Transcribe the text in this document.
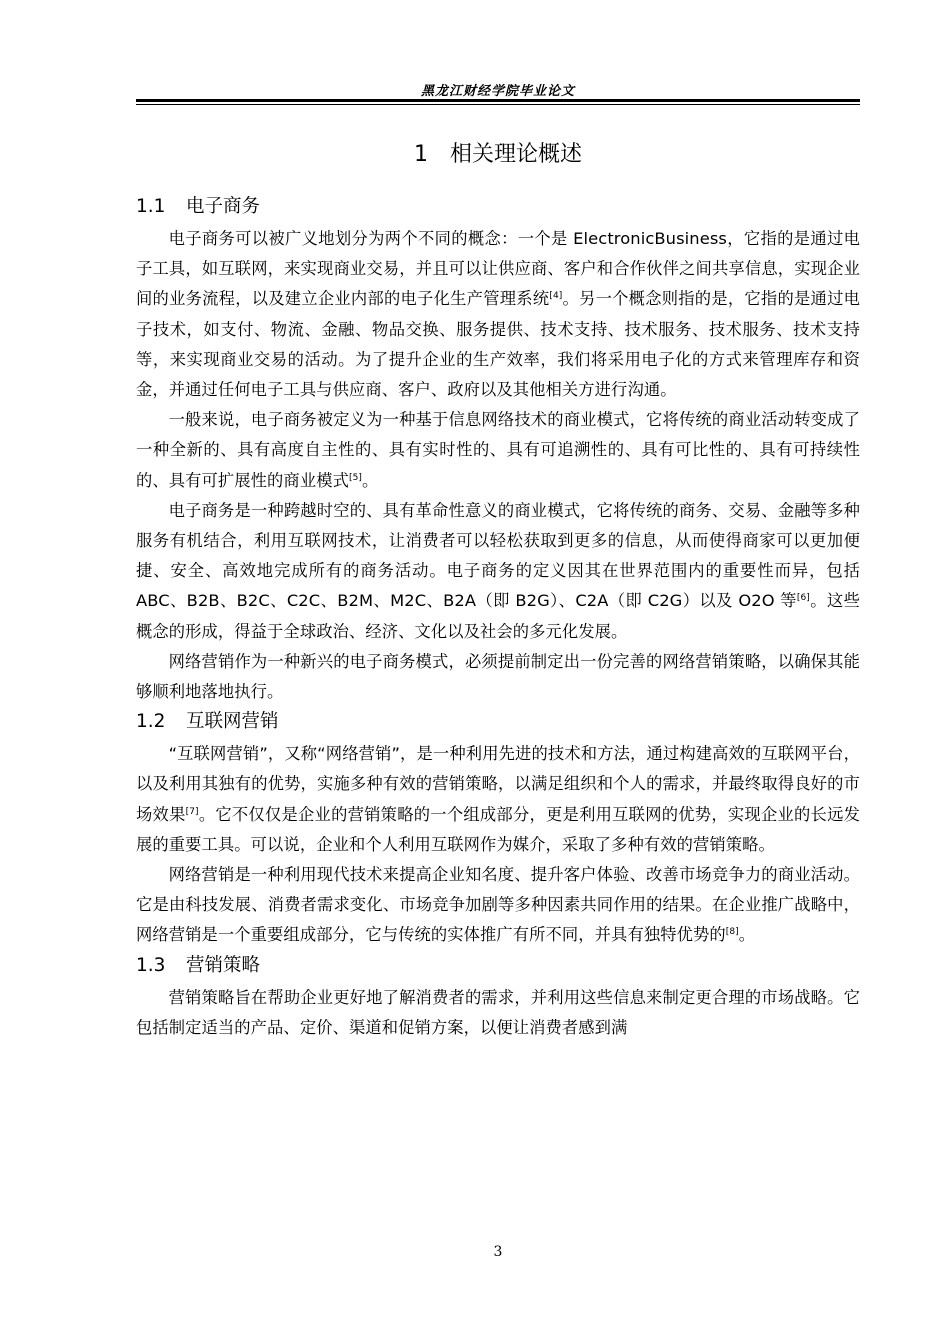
黑龙江财经学院毕业论文
1 相关理论概述
1.1 电子商务

电子商务可以被广义地划分为两个不同的概念：一个是 ElectronicBusiness，它指的是通过电子工具，如互联网，来实现商业交易，并且可以让供应商、客户和合作伙伴之间共享信息，实现企业间的业务流程，以及建立企业内部的电子化生产管理系统[4]。另一个概念则指的是，它指的是通过电子技术，如支付、物流、金融、物品交换、服务提供、技术支持、技术服务、技术服务、技术支持等，来实现商业交易的活动。为了提升企业的生产效率，我们将采用电子化的方式来管理库存和资金，并通过任何电子工具与供应商、客户、政府以及其他相关方进行沟通。

一般来说，电子商务被定义为一种基于信息网络技术的商业模式，它将传统的商业活动转变成了一种全新的、具有高度自主性的、具有实时性的、具有可追溯性的、具有可比性的、具有可持续性的、具有可扩展性的商业模式[5]。

电子商务是一种跨越时空的、具有革命性意义的商业模式，它将传统的商务、交易、金融等多种服务有机结合，利用互联网技术，让消费者可以轻松获取到更多的信息，从而使得商家可以更加便捷、安全、高效地完成所有的商务活动。电子商务的定义因其在世界范围内的重要性而异，包括 ABC、B2B、B2C、C2C、B2M、M2C、B2A（即 B2G）、C2A（即 C2G）以及 O2O 等[6]。这些概念的形成，得益于全球政治、经济、文化以及社会的多元化发展。

网络营销作为一种新兴的电子商务模式，必须提前制定出一份完善的网络营销策略，以确保其能够顺利地落地执行。

1.2 互联网营销

“互联网营销”，又称“网络营销”，是一种利用先进的技术和方法，通过构建高效的互联网平台，以及利用其独有的优势，实施多种有效的营销策略，以满足组织和个人的需求，并最终取得良好的市场效果[7]。它不仅仅是企业的营销策略的一个组成部分，更是利用互联网的优势，实现企业的长远发展的重要工具。可以说，企业和个人利用互联网作为媒介，采取了多种有效的营销策略。

网络营销是一种利用现代技术来提高企业知名度、提升客户体验、改善市场竞争力的商业活动。它是由科技发展、消费者需求变化、市场竞争加剧等多种因素共同作用的结果。在企业推广战略中，网络营销是一个重要组成部分，它与传统的实体推广有所不同，并具有独特优势的[8]。

1.3 营销策略

营销策略旨在帮助企业更好地了解消费者的需求，并利用这些信息来制定更合理的市场战略。它包括制定适当的产品、定价、渠道和促销方案，以便让消费者感到满

3
